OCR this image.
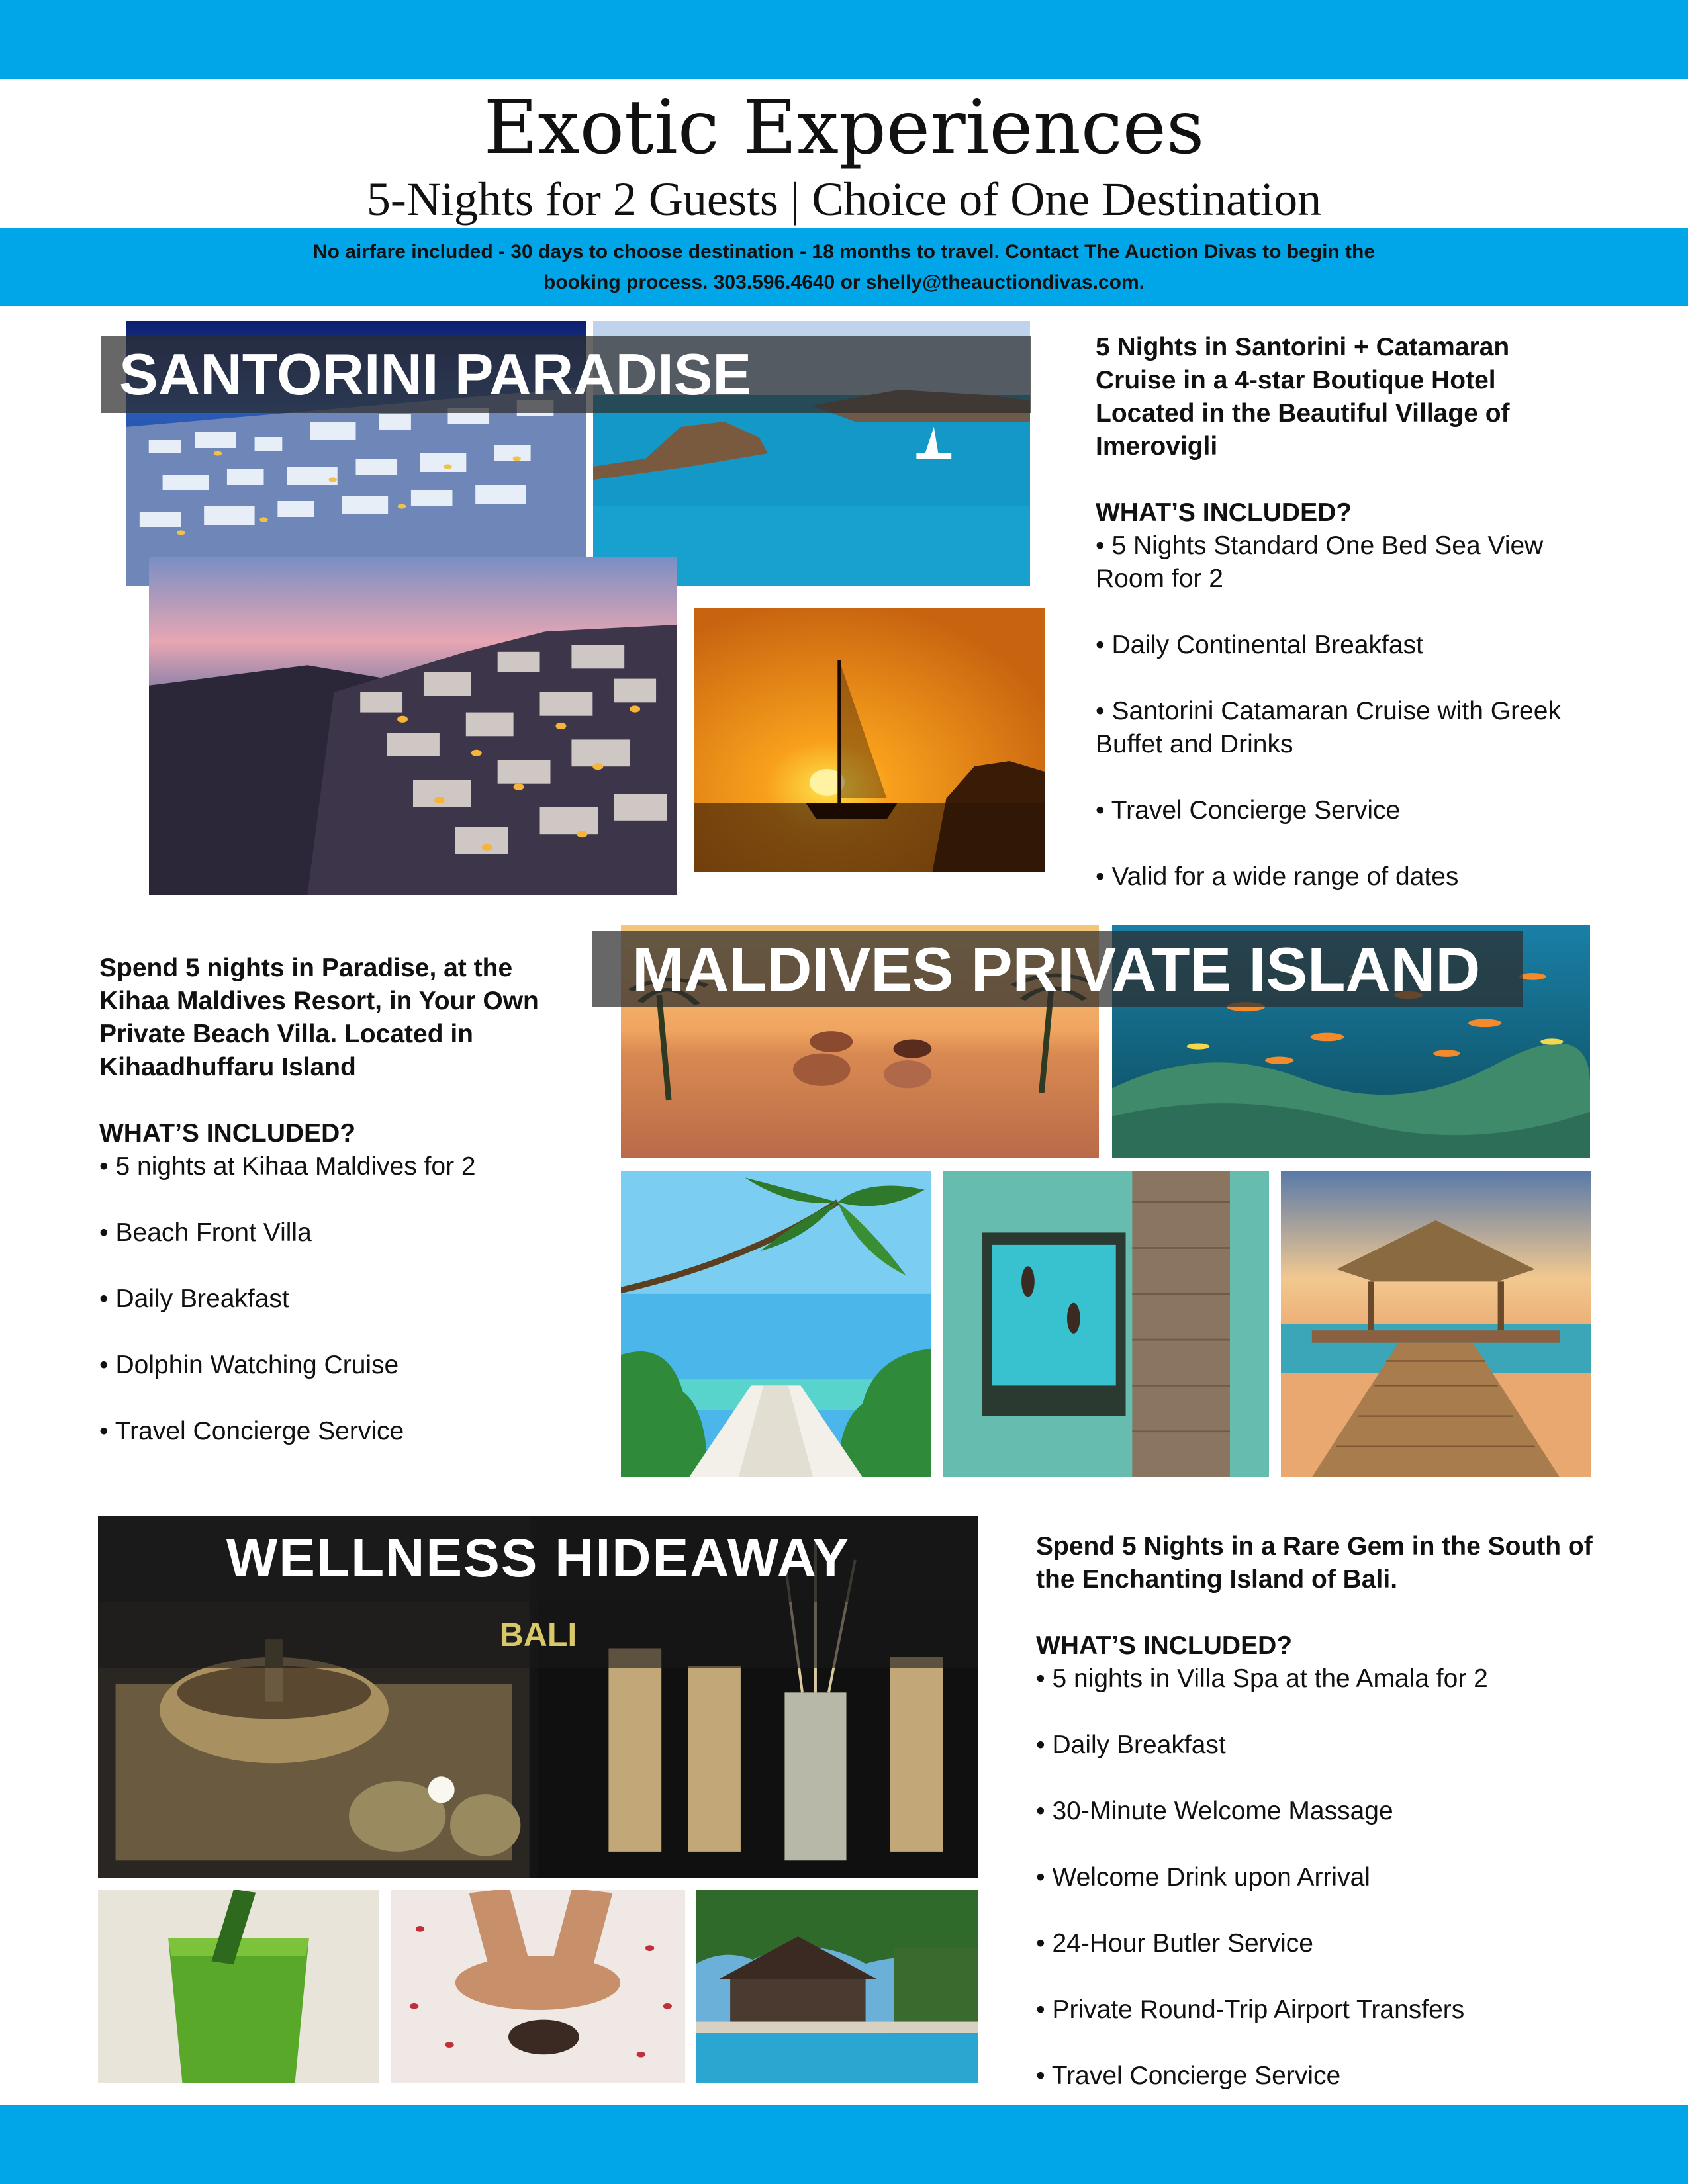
Exotic Experiences
5-Nights for 2 Guests | Choice of One Destination
No airfare included - 30 days to choose destination - 18 months to travel. Contact The Auction Divas to begin the
booking process. 303.596.4640 or shelly@theauctiondivas.com.
SANTORINI PARADISE	5 Nights in Santorini + Catamaran Cruise in a 4-star Boutique Hotel Located in the Beautiful Village of Imerovigli

WHAT’S INCLUDED?

• 5 Nights Standard One Bed Sea View Room for 2
• Daily Continental Breakfast
• Santorini Catamaran Cruise with Greek Buffet and Drinks
• Travel Concierge Service
• Valid for a wide range of dates
MALDIVES PRIVATE ISLAND

Spend 5 nights in Paradise, at the Kihaa Maldives Resort, in Your Own Private Beach Villa. Located in Kihaadhuffaru Island

WHAT’S INCLUDED?

• 5 nights at Kihaa Maldives for 2
• Beach Front Villa
• Daily Breakfast
• Dolphin Watching Cruise
• Travel Concierge Service
WELLNESS HIDEAWAY
BALI

Spend 5 Nights in a Rare Gem in the South of the Enchanting Island of Bali.

WHAT’S INCLUDED?

• 5 nights in Villa Spa at the Amala for 2
• Daily Breakfast
• 30-Minute Welcome Massage
• Welcome Drink upon Arrival
• 24-Hour Butler Service
• Private Round-Trip Airport Transfers
• Travel Concierge Service
